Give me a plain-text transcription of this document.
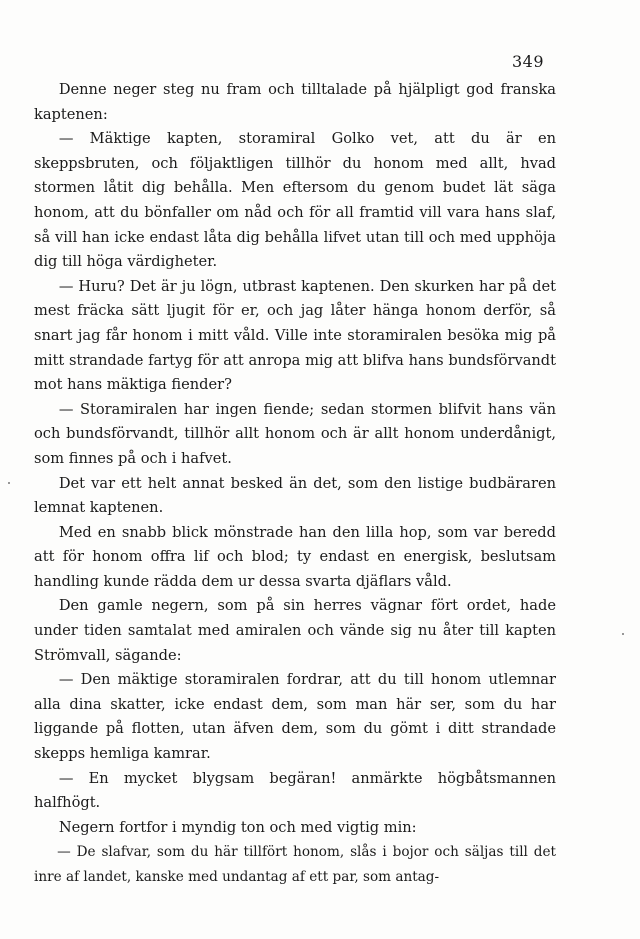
349

Denne neger steg nu fram och tilltalade på hjälpligt god franska kaptenen:

— Mäktige kapten, storamiral Golko vet, att du är en skeppsbruten, och följaktligen tillhör du honom med allt, hvad stormen låtit dig behålla. Men eftersom du genom budet lät säga honom, att du bönfaller om nåd och för all framtid vill vara hans slaf, så vill han icke endast låta dig behålla lifvet utan till och med upphöja dig till höga värdigheter.

— Huru? Det är ju lögn, utbrast kaptenen. Den skurken har på det mest fräcka sätt ljugit för er, och jag låter hänga honom derför, så snart jag får honom i mitt våld. Ville inte storamiralen besöka mig på mitt strandade fartyg för att anropa mig att blifva hans bundsförvandt mot hans mäktiga fiender?

— Storamiralen har ingen fiende; sedan stormen blifvit hans vän och bundsförvandt, tillhör allt honom och är allt honom underdånigt, som finnes på och i hafvet.

Det var ett helt annat besked än det, som den listige budbäraren lemnat kaptenen.

Med en snabb blick mönstrade han den lilla hop, som var beredd att för honom offra lif och blod; ty endast en energisk, beslutsam handling kunde rädda dem ur dessa svarta djäflars våld.

Den gamle negern, som på sin herres vägnar fört ordet, hade under tiden samtalat med amiralen och vände sig nu åter till kapten Strömvall, sägande:

— Den mäktige storamiralen fordrar, att du till honom utlemnar alla dina skatter, icke endast dem, som man här ser, som du har liggande på flotten, utan äfven dem, som du gömt i ditt strandade skepps hemliga kamrar.

— En mycket blygsam begäran! anmärkte högbåtsmannen halfhögt.

Negern fortfor i myndig ton och med vigtig min:

— De slafvar, som du här tillfört honom, slås i bojor och säljas till det inre af landet, kanske med undantag af ett par, som antag-
